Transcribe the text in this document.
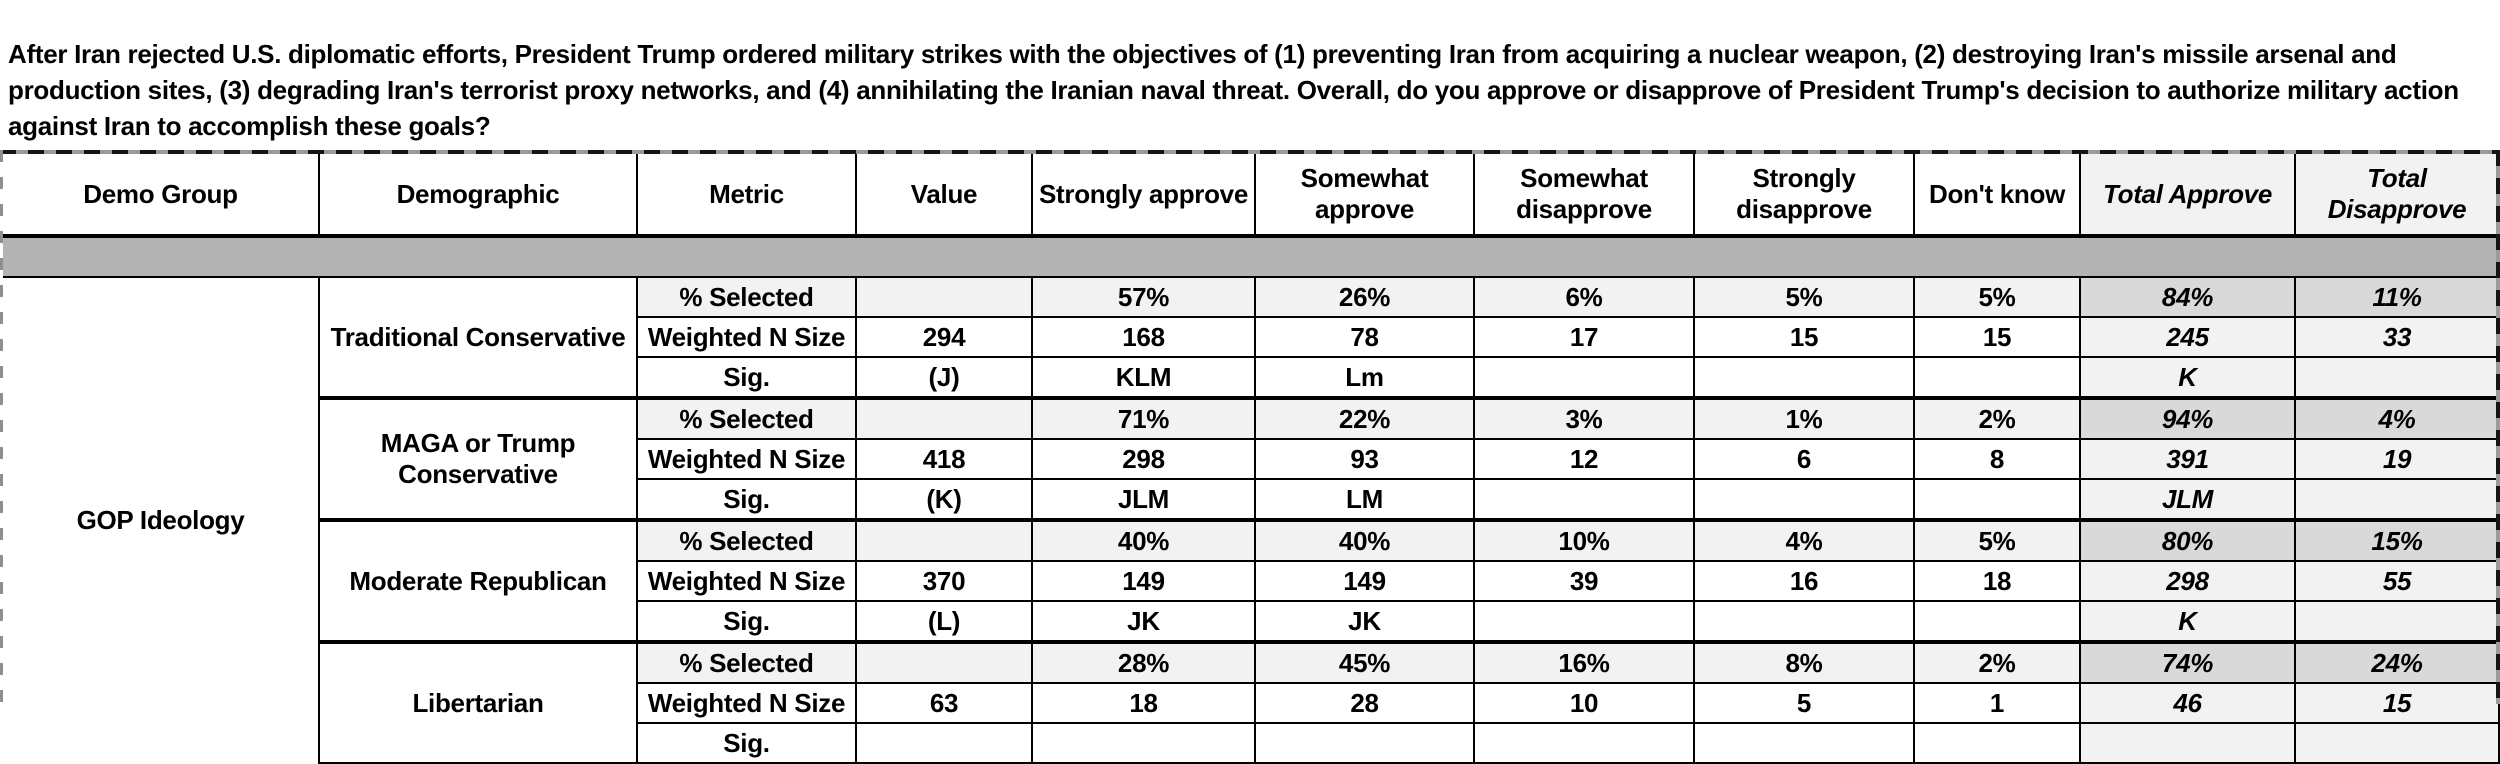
After Iran rejected U.S. diplomatic efforts, President Trump ordered military strikes with the objectives of (1) preventing Iran from acquiring a nuclear weapon, (2) destroying Iran's missile arsenal and production sites, (3) degrading Iran's terrorist proxy networks, and (4) annihilating the Iranian naval threat. Overall, do you approve or disapprove of President Trump's decision to authorize military action against Iran to accomplish these goals?
Demo Group	Demographic	Metric	Value	Strongly approve	Somewhat approve	Somewhat disapprove	Strongly disapprove	Don't know	Total Approve	Total Disapprove

GOP Ideology	Traditional Conservative	% Selected		57%	26%	6%	5%	5%	84%	11%
		Weighted N Size	294	168	78	17	15	15	245	33
		Sig.	(J)	KLM	Lm				K	
	MAGA or Trump Conservative	% Selected		71%	22%	3%	1%	2%	94%	4%
		Weighted N Size	418	298	93	12	6	8	391	19
		Sig.	(K)	JLM	LM				JLM	
	Moderate Republican	% Selected		40%	40%	10%	4%	5%	80%	15%
		Weighted N Size	370	149	149	39	16	18	298	55
		Sig.	(L)	JK	JK				K	
	Libertarian	% Selected		28%	45%	16%	8%	2%	74%	24%
		Weighted N Size	63	18	28	10	5	1	46	15
		Sig.								
